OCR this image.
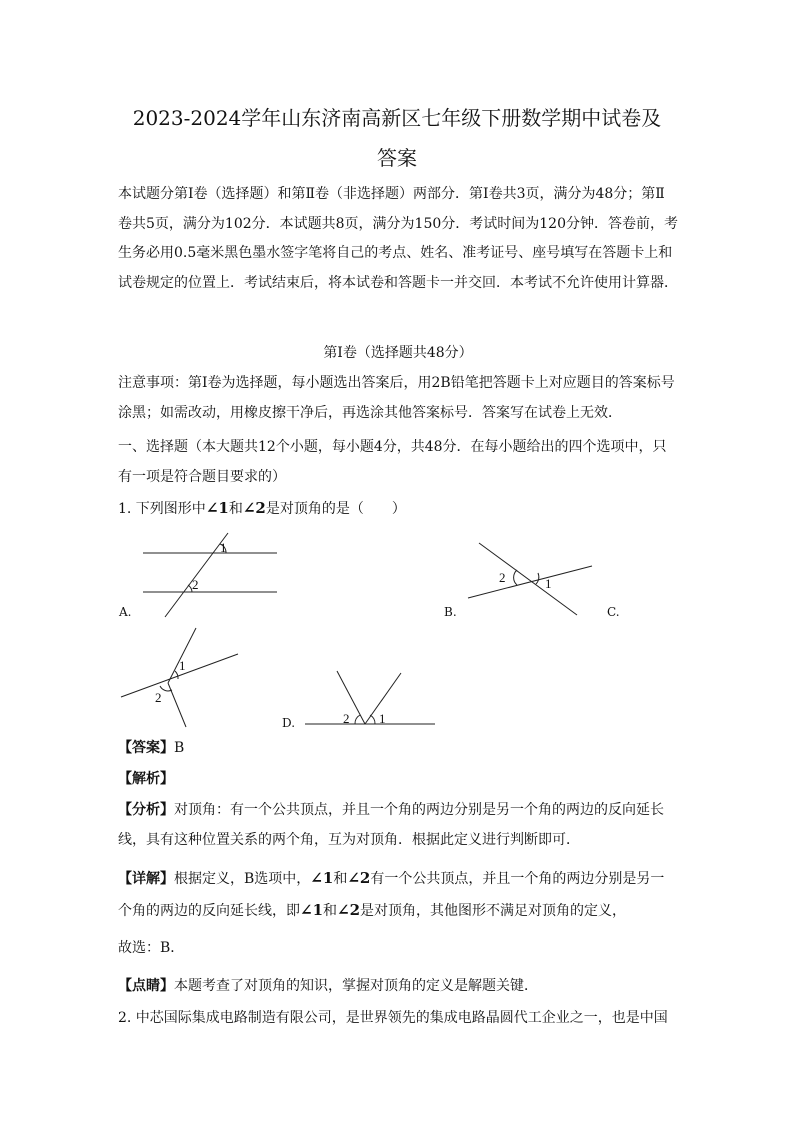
2023-2024学年山东济南高新区七年级下册数学期中试卷及
答案

本试题分第Ⅰ卷（选择题）和第Ⅱ卷（非选择题）两部分．第Ⅰ卷共3页，满分为48分；第Ⅱ卷共5页，满分为102分．本试题共8页，满分为150分．考试时间为120分钟．答卷前，考生务必用0.5毫米黑色墨水签字笔将自己的考点、姓名、准考证号、座号填写在答题卡上和试卷规定的位置上．考试结束后，将本试卷和答题卡一并交回．本考试不允许使用计算器．

第Ⅰ卷（选择题共48分）

注意事项：第Ⅰ卷为选择题，每小题选出答案后，用2B铅笔把答题卡上对应题目的答案标号涂黑；如需改动，用橡皮擦干净后，再选涂其他答案标号．答案写在试卷上无效．

一、选择题（本大题共12个小题，每小题4分，共48分．在每小题给出的四个选项中，只有一项是符合题目要求的）

1. 下列图形中∠1和∠2是对顶角的是（　　）
1
2
A.
2	1
B.	C.
1
2
2 1
D.
【答案】B
【解析】

【分析】对顶角：有一个公共顶点，并且一个角的两边分别是另一个角的两边的反向延长线，具有这种位置关系的两个角，互为对顶角．根据此定义进行判断即可．

【详解】根据定义，B选项中，∠1和∠2有一个公共顶点，并且一个角的两边分别是另一
个角的两边的反向延长线，即∠1和∠2是对顶角，其他图形不满足对顶角的定义，
故选：B．
【点睛】本题考查了对顶角的知识，掌握对顶角的定义是解题关键．
2. 中芯国际集成电路制造有限公司，是世界领先的集成电路晶圆代工企业之一，也是中国
